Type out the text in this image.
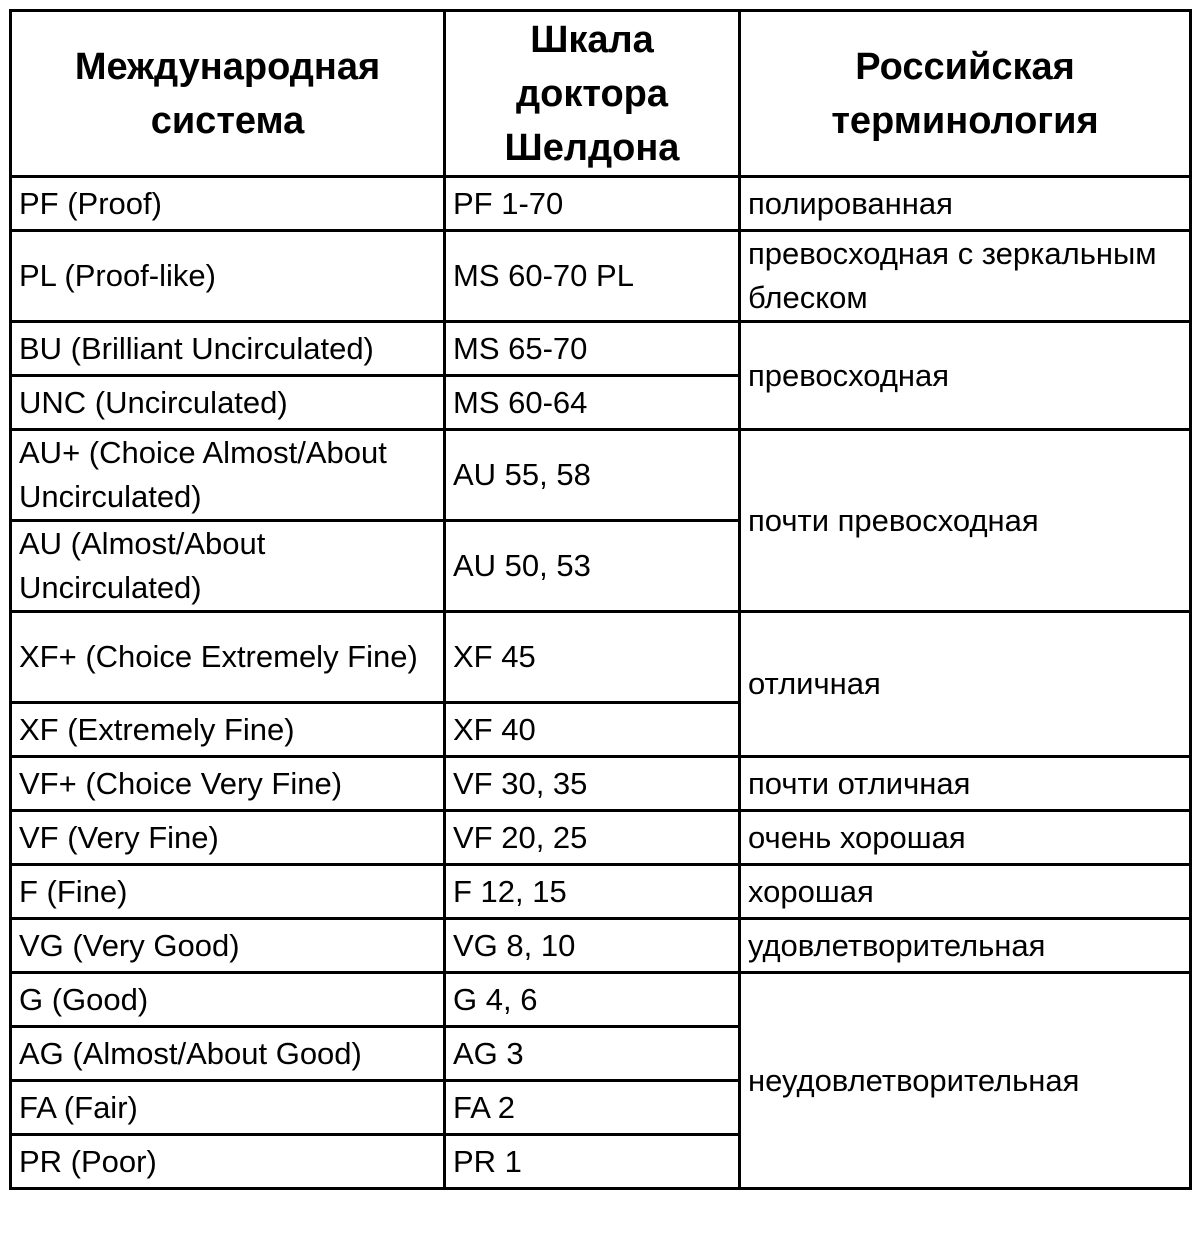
Международная система	Шкала доктора Шелдона	Российская терминология
PF (Proof)	PF 1-70	полированная
PL (Proof-like)	MS 60-70 PL	превосходная с зеркальным блеском
BU (Brilliant Uncirculated)	MS 65-70	превосходная
UNC (Uncirculated)	MS 60-64	
AU+ (Choice Almost/About Uncirculated)	AU 55, 58	почти превосходная
AU (Almost/About Uncirculated)	AU 50, 53	
XF+ (Choice Extremely Fine)	XF 45	отличная
XF (Extremely Fine)	XF 40	
VF+ (Choice Very Fine)	VF 30, 35	почти отличная
VF (Very Fine)	VF 20, 25	очень хорошая
F (Fine)	F 12, 15	хорошая
VG (Very Good)	VG 8, 10	удовлетворительная
G (Good)	G 4, 6	неудовлетворительная
AG (Almost/About Good)	AG 3	
FA (Fair)	FA 2	
PR (Poor)	PR 1	
